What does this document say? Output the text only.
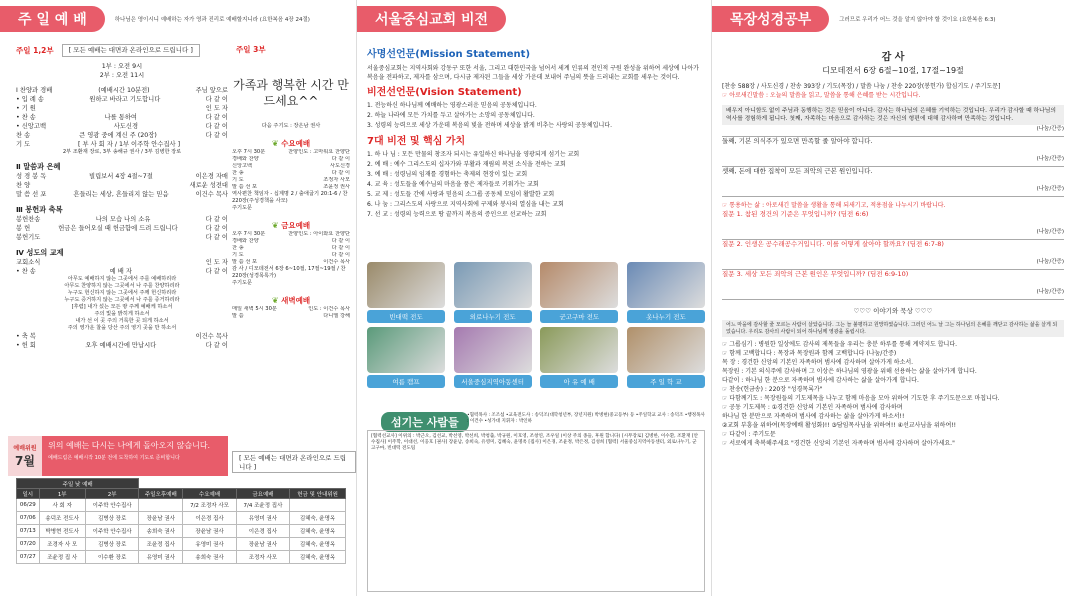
주 일 예 배	하나님은 영이시니 예배하는 자가 영과 진리로 예배할지니라 (요한복음 4장 24절)
주일 1,2부	[ 모든 예배는 대면과 온라인으로 드립니다 ]
1부 : 오전 9시
2부 : 오전 11시
Ⅰ 찬양과 경배	(예배시간 10분전)	주님 앞으로
• 입 례 송	원하고 바라고 기도합니다	다 같 이
• 기 원	인 도 자
• 찬 송	나를 통하여	다 같 이
• 신앙고백	사도신경	다 같 이
찬 송	큰 영광 중에 계신 주 (20장)	다 같 이
기 도	[ 부 사 회 자 / 1부 이주학 안수집사 ]
2부 조환재 장로, 3부 송해규 권사 / 3부 김병한 장로
Ⅱ 말씀과 은혜
성 경 봉 독	빌립보서 4장 4절~7절	이은경 자매
찬 양	새로운 성전대
말 씀 선 포	흔들리는 세상, 흔들리지 않는 믿음	이건수 목사
Ⅲ 봉헌과 축복
봉헌찬송	나의 모습 나의 소유	다 같 이
봉 헌	헌금은 들어오실 때 헌금함에 드려 드립니다	다 같 이
봉헌기도	다 같 이
Ⅳ 성도의 교제
교회소식	인 도 자
• 찬 송	예 배 자	다 같 이
아무도 예배하지 않는 그곳에서 주를 예배하리라
아무도 찬양하지 않는 그곳에서 나 주를 찬양하리라
누구도 헌신하지 않는 그곳에서 주께 헌신하리라
누구도 증거하지 않는 그곳에서 나 주를 증거하리라
[후렴] 내가 섰는 모든 땅 주께 예배케 하소서
주의 빛을 밝히게 하소서
내가 선 이 곳 주의 거룩한 곳 되게 하소서
주의 영가운 찰을 당산 주의 영기 곳을 만 하소서
• 축 복	이건수 목사
• 헌 회	오후 예배시간에 만납시다	다 같 이
주일 3부
가족과 행복한 시간 만드세요^^
다음 주기도 : 장은남 권사
❦ 수요예배
오후 7시 30분	찬양인도 : 고마워요 찬양단
경배와 찬양	다 같 이
신앙고백	사도신경
찬 송	다 같 이
기 도	조정자 사모
말 씀 선 포	조윤정 권사
역사편찬 책임자 - 십계명 2 / 출애굽기 20:1-6 / 찬220장(주성경책을 사모)
주기도문
❦ 금요예배
오후 7시 30분	찬양인도 : 아이와요 찬양단
경배와 찬양	다 같 이
찬 송	다 같 이
기 도	다 같 이
말 씀 선 포	이건수 목사
감 사 / 디모데전서 6장 6~10절, 17절~19절 / 찬 220장(성경목록가)
주기도문
❦ 새벽예배
매일 새벽 5시 30분	인도 : 이건수 목사
말 씀	다니엘 강해
예배위원
7월
위의 예배는 다시는 나에게 돌아오지 않습니다.
예배드림은 예배시작 10분 전에 도착하여 기도로 준비합니다	[ 모든 예배는 대면과 온라인으로 드립니다 ]
주일 낮 예배						
일시	1부	2부	주일오후예배	수요예배	금요예배	헌금 및 안내위원
06/29	사 회 자	이주학 안수집사		7/2 조정자 사모	7/4 조윤정 집사	
07/06	송덕조 전도사	김병상 장로	장윤남 권사	이은경 집사	유영미 권사	김혜숙, 윤명옥
07/13	박병현 전도사	이주학 안수집사	송희숙 권사	장윤남 권사	이은경 집사	김혜숙, 윤명옥
07/20	조경자 사 모	김병상 장로	조윤정 집사	유영미 권사	장윤남 권사	김혜숙, 윤명옥
07/27	조윤정 집 사	이수환 장로	유영미 권사	송희숙 권사	조정자 사모	김혜숙, 윤명옥
서울중심교회 비전
사명선언문(Mission Statement)
서울중심교회는 지역사회와 강동구 또한 서울, 그리고 대한민국을 넘어서 세계 인류의 전인적 구원 완성을 위하여 세상에 나아가 복음을 전파하고, 제자를 삼으며, 다시금 제자된 그들을 세상 가운데 보내어 주님의 뜻을 드러내는 교회를 세우는 것이다.
비전선언문(Vision Statement)
1. 전능하신 하나님께 예배하는 영광스러운 믿음의 공동체입니다.
2. 하늘 나라에 모든 가치를 두고 살아가는 소망의 공동체입니다.
3. 성령의 능력으로 세상 가운데 복음의 빛을 전하며 세상을 밝게 비추는 사랑의 공동체입니다.
7대 비전 및 핵심 가치
1. 하 나 님 : 모든 만물의 창조자 되시는 유일하신 하나님을 영광되게 섬기는 교회
2. 예 배 : 예수 그리스도의 십자가와 부활과 재림의 복된 소식을 전하는 교회
3. 예 배 : 성령님의 임재를 경험하는 축제의 현장이 있는 교회
4. 교 육 : 성도들을 예수님의 마음을 품은 제자들로 키워가는 교회
5. 교 제 : 성도들 간에 사랑과 믿음의 소그룹 공동체 모임이 활발한 교회
6. 나 눔 : 그리스도의 사랑으로 지역사회에 구제와 봉사의 열심을 내는 교회
7. 선 교 : 성령의 능력으로 땅 끝까지 복음의 증인으로 선교하는 교회
빈대떡 전도	외로나누기 전도	군고구마 전도	옷나누기 전도
여름 캠프	서울중심지역아동센터	아 유 예 배	주 일 학 교
섬기는 사람들
•협력목사 : 조조섭 •교육전도사 : 송덕조(대학청년부, 장년지원) 박병현(중고등부) 등 •주일학교 교사 : 송덕조 •행정목사 : 이건수 •성가대 지휘자 : 박인하
[협력선교사] 이위의 : 박근오, 김선교, 박선영, 박선희, 박청출, 박규원, 이호영, 조창연, 조우일 (이상 주의 종들, 후원 합니다) [시무장로] 김병한, 이수환, 조환재 [안수집사] 이주학, 이대선, 이웅호 [권사] 장윤남, 송희숙, 유영미, 김혜숙, 윤명옥 [집사] 이은경, 조윤정, 박은정, 김성희 [협력] 서울중심지역아동센터, 외로나누기, 군고구마, 빈대떡 전도팀
목장성경공부	그러므로 우리가 어느 것을 알지 않아야 할 것이요 (요한복음 6:3)
감 사
디모데전서 6장 6절~10절, 17절~19절
[찬송 588장 / 사도신경 / 찬송 393장 / 기도(목장) / 말씀 나눔 / 찬송 220장(봉헌가) 합심기도 / 주기도문]
☞ 아로새긴말씀 : 오늘의 말씀을 읽고, 말씀을 통해 은혜를 받는 시간입니다.
배우지 아니함도 없이 주님과 동행하는 것은 믿음이 아니다. 감사는 하나님의 은혜를 기억하는 것입니다. 우리가 감사할 때 하나님의 역사를 경험하게 됩니다. 첫째, 자족하는 마음으로 감사하는 것은 자신의 형편에 대해 감사하며 만족하는 것입니다.
(나눔/간증)
둘째, 기본 의식주가 있으면 만족할 줄 알아야 합니다.
(나눔/간증)
셋째, 돈에 대한 집착이 모든 죄악의 근본 원인입니다.
(나눔/간증)
☞ 통용하는 삶 : 아로새긴 말씀을 생활을 통해 되새기고, 적용점을 나누시기 바랍니다.
질문 1. 참된 경건의 기준은 무엇입니까? (딤전 6:6)
(나눔/간증)
질문 2. 인생은 공수래공수거입니다. 이를 어떻게 살아야 할까요? (딤전 6:7-8)
(나눔/간증)
질문 3. 세상 모든 죄악의 근본 원인은 무엇입니까? (딤전 6:9-10)
(나눔/간증)
♡♡♡ 이야기와 묵상 ♡♡♡
어느 마을에 감사할 줄 모르는 사람이 살았습니다. 그는 늘 불평하고 원망하였습니다. 그러던 어느 날 그는 하나님의 은혜를 깨닫고 감사하는 삶을 살게 되었습니다. 우리도 감사의 사람이 되어 하나님께 영광을 돌립시다.
☞ 그룹심기 : 병원한 일상에도 감사의 제목들을 우리는 충분 하루를 통해 계약지도 합니다.
☞ 함께 고백합니다 : 목장과 목장원과 함께 고백합니다 (나눔/간증)
목 장 : 경건한 신앙의 기본인 자족하며 범사에 감사하며 살아가게 하소서.
목장원 : 기본 의식주에 감사하며 그 이상은 하나님의 영광을 위해 선용하는 삶을 살아가게 합니다.
다같이 : 하나님 한 분으로 자족하며 범사에 감사하는 삶을 살아가게 합니다.
☞ 찬송(헌금송) : 220장 "성경목록가"
☞ 다함께기도 : 목장원들의 기도제목을 나누고 함께 마음을 모아 위하여 기도한 후 주기도문으로 마칩니다.
☞ 공동 기도제목 : ①경건한 신앙의 기본인 자족하며 범사에 감사하며
하나님 한 분만으로 자족하며 범사에 감사하는 삶을 살아가게 하소서!!
②교회 부흥을 위하여(목장예배 활성화)!! ③담임목사님을 위하여!! ④선교사님을 위하여!!
☞ 다같이 : 주기도문
☞ 서로에게 축복해주세요 "경건한 신앙의 기본인 자족하며 범사에 감사하며 살아가세요."
